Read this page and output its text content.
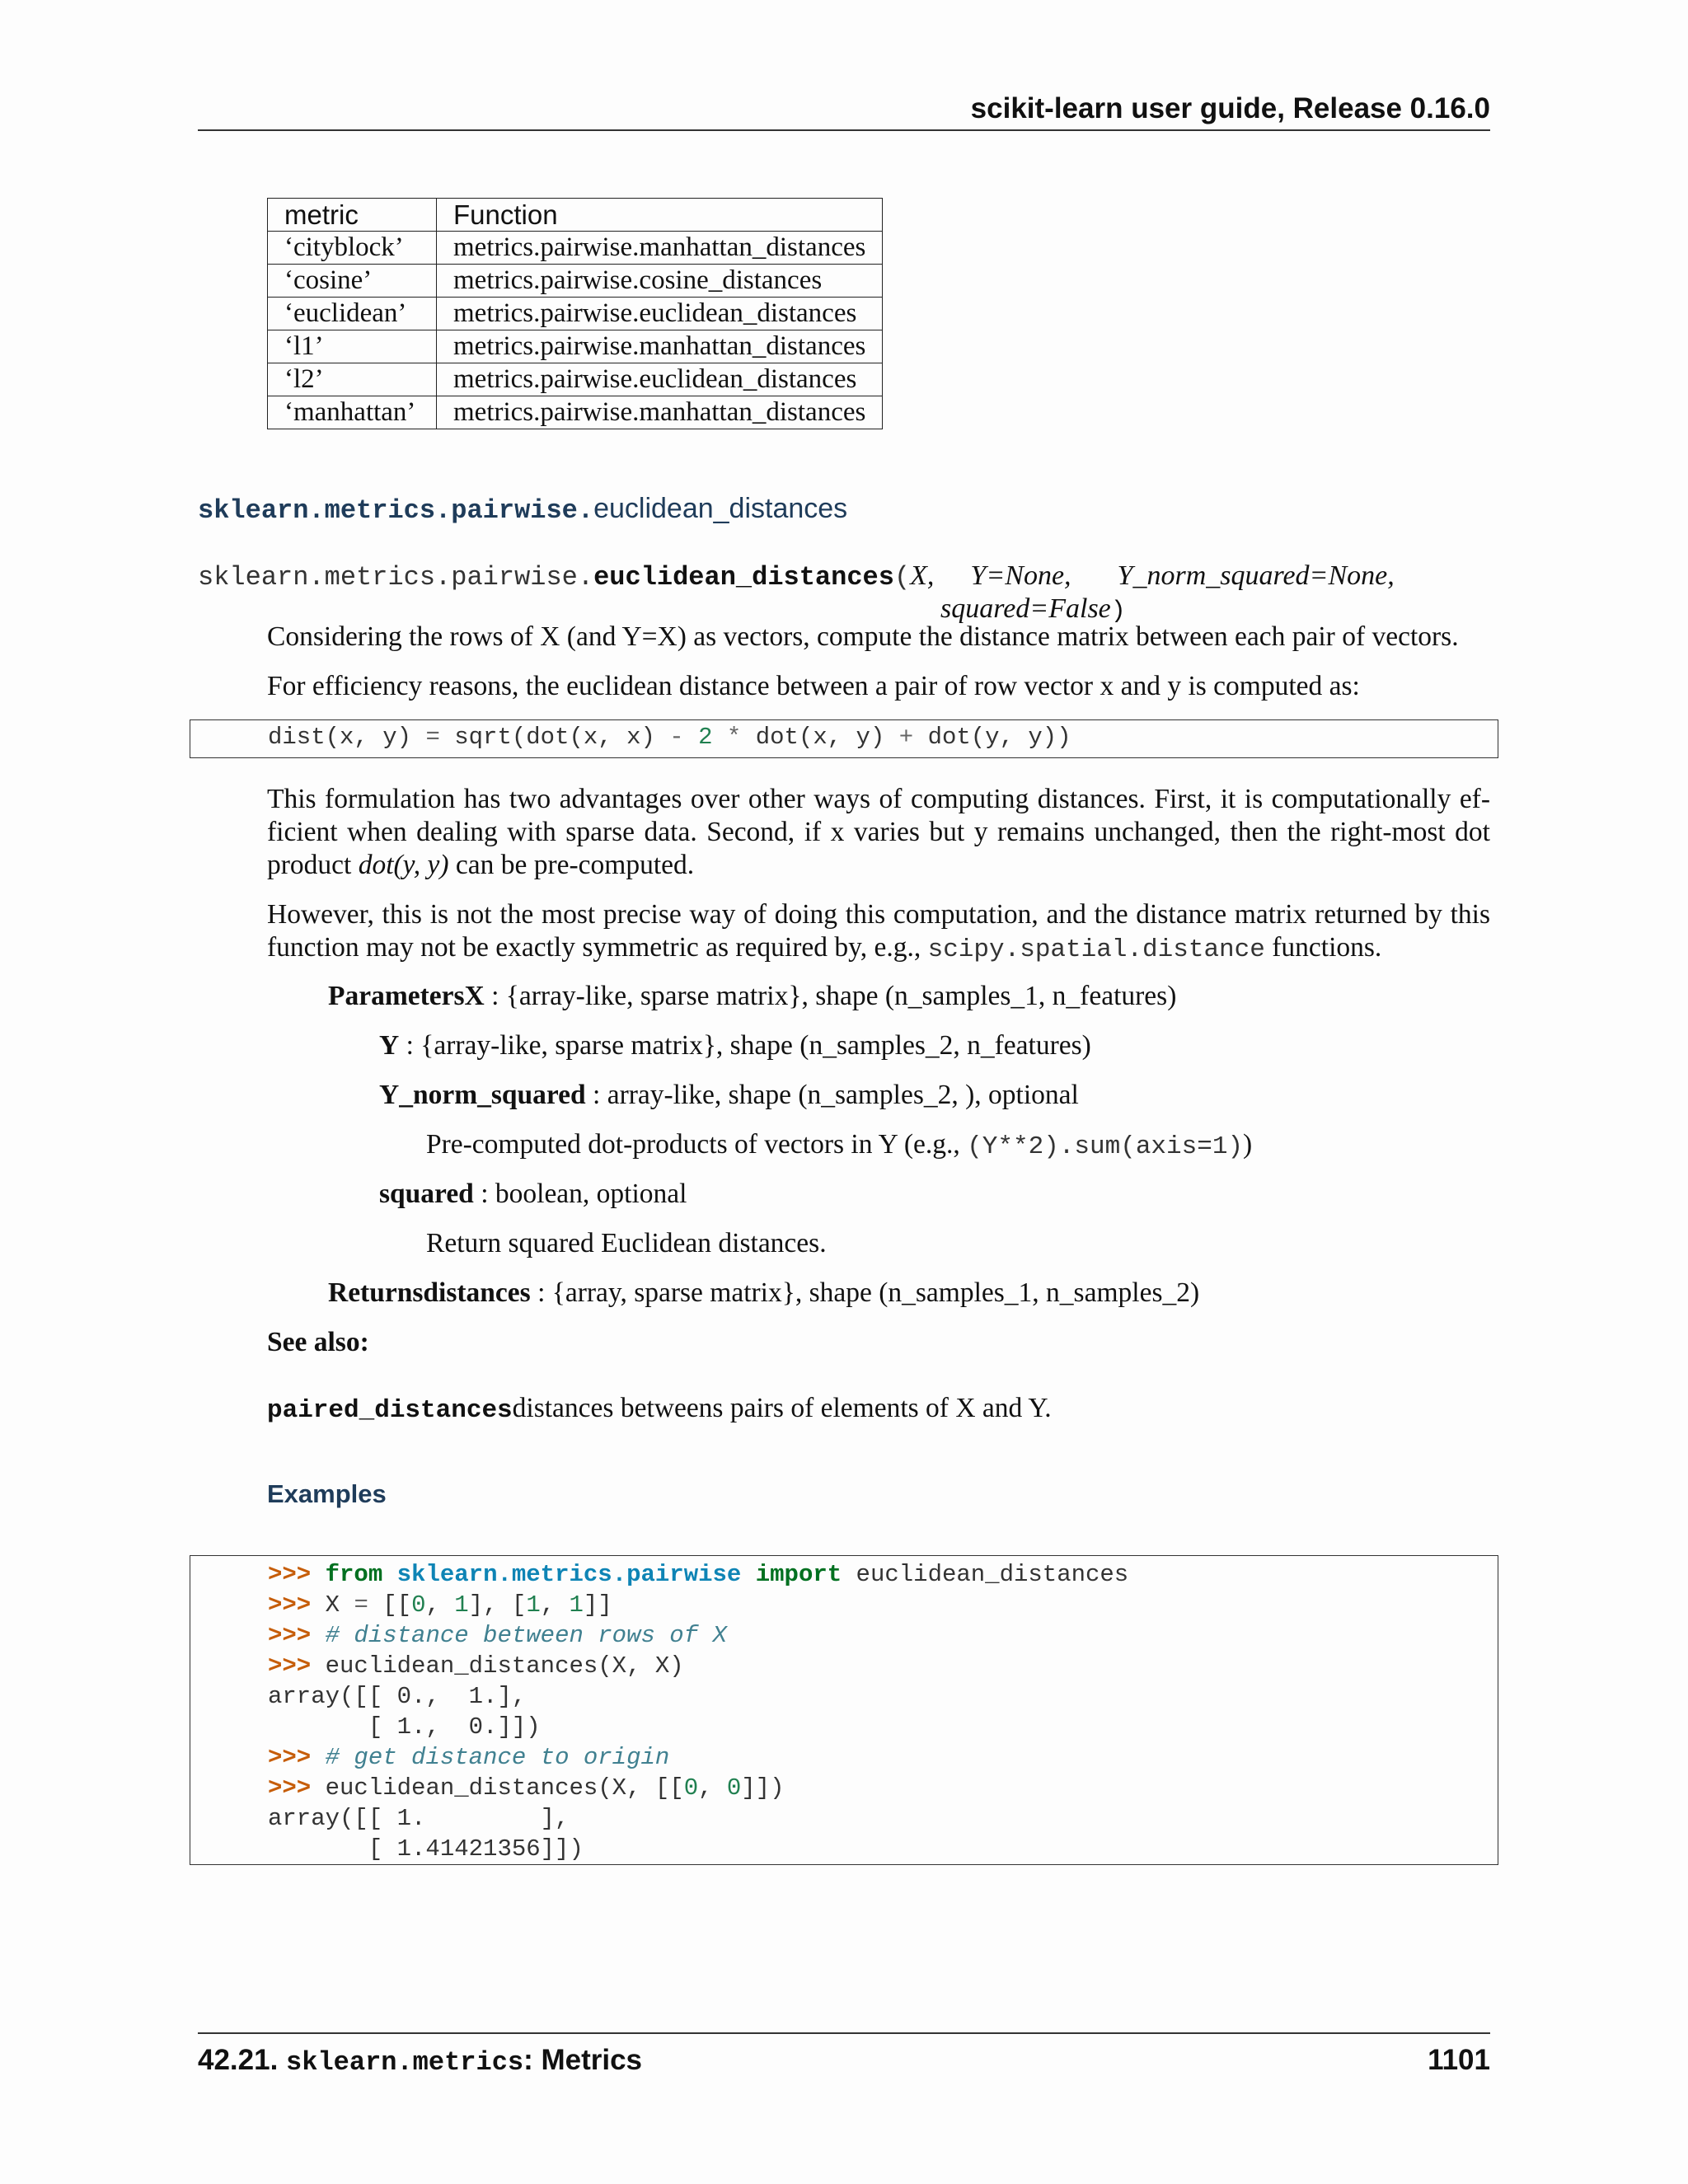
scikit-learn user guide, Release 0.16.0
metric	Function
‘cityblock’	metrics.pairwise.manhattan_distances
‘cosine’	metrics.pairwise.cosine_distances
‘euclidean’	metrics.pairwise.euclidean_distances
‘l1’	metrics.pairwise.manhattan_distances
‘l2’	metrics.pairwise.euclidean_distances
‘manhattan’	metrics.pairwise.manhattan_distances
sklearn.metrics.pairwise.euclidean_distances
sklearn.metrics.pairwise.euclidean_distances(X, Y=None, Y_norm_squared=None,
squared=False)
Considering the rows of X (and Y=X) as vectors, compute the distance matrix between each pair of vectors.
For efficiency reasons, the euclidean distance between a pair of row vector x and y is computed as:
dist(x, y) = sqrt(dot(x, x) - 2 * dot(x, y) + dot(y, y))
This formulation has two advantages over other ways of computing distances. First, it is computationally ef-
ficient when dealing with sparse data. Second, if x varies but y remains unchanged, then the right-most dot
product dot(y, y) can be pre-computed.
However, this is not the most precise way of doing this computation, and the distance matrix returned by this
function may not be exactly symmetric as required by, e.g., scipy.spatial.distance functions.
ParametersX : {array-like, sparse matrix}, shape (n_samples_1, n_features)
Y : {array-like, sparse matrix}, shape (n_samples_2, n_features)
Y_norm_squared : array-like, shape (n_samples_2, ), optional
Pre-computed dot-products of vectors in Y (e.g., (Y**2).sum(axis=1))
squared : boolean, optional
Return squared Euclidean distances.
Returnsdistances : {array, sparse matrix}, shape (n_samples_1, n_samples_2)
See also:
paired_distancesdistances betweens pairs of elements of X and Y.
Examples
>>> from sklearn.metrics.pairwise import euclidean_distances
>>> X = [[0, 1], [1, 1]]
>>> # distance between rows of X
>>> euclidean_distances(X, X)
array([[ 0.,  1.],
[ 1.,  0.]])
>>> # get distance to origin
>>> euclidean_distances(X, [[0, 0]])
array([[ 1.        ],
[ 1.41421356]])
42.21. sklearn.metrics: Metrics	1101
